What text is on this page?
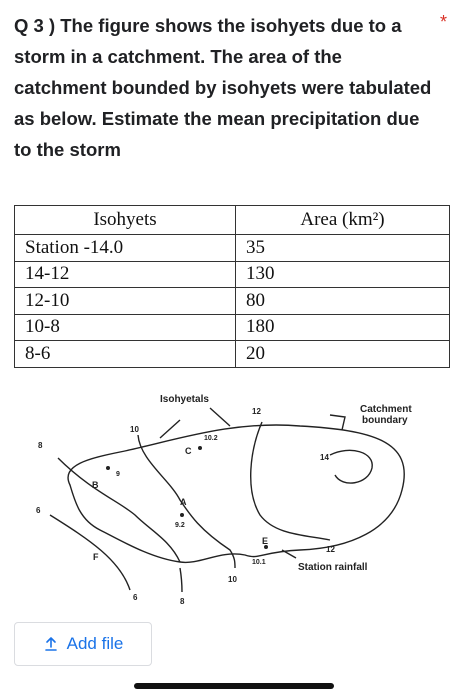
Q 3 ) The figure shows the isohyets due to a storm in a catchment. The area of the catchment bounded by isohyets were tabulated as below. Estimate the mean precipitation due to the storm

*
Isohyets	Area (km²)
Station -14.0	35
14-12	130
12-10	80
10-8	180
8-6	20
Isohyetals
Catchment
boundary
Station rainfall
6
8
10
12
14
10
12
6	8
A
B
C
E
F
9
10.2
9.2
10.1
Add file
